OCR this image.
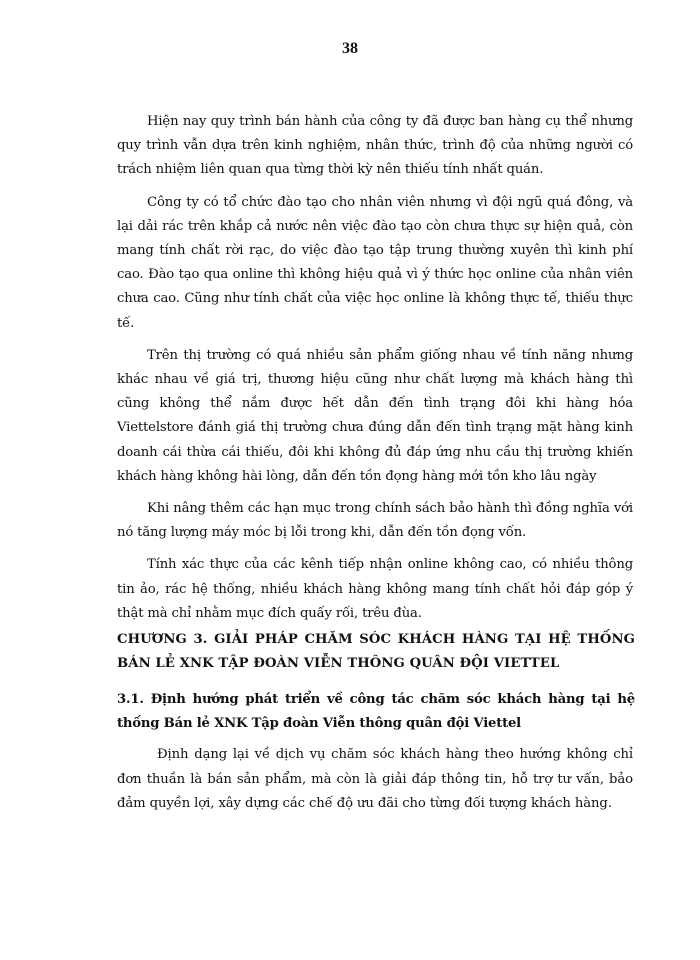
38

Hiện nay quy trình bán hành của công ty đã được ban hàng cụ thể nhưng quy trình vẫn dựa trên kinh nghiệm, nhân thức, trình độ của những người có trách nhiệm liên quan qua từng thời kỳ nên thiếu tính nhất quán.

Công ty có tổ chức đào tạo cho nhân viên nhưng vì đội ngũ quá đông, và lại dải rác trên khắp cả nước nên việc đào tạo còn chưa thực sự hiện quả, còn mang tính chất rời rạc, do việc đào tạo tập trung thường xuyên thì kinh phí cao. Đào tạo qua online thì không hiệu quả vì ý thức học online của nhân viên chưa cao. Cũng như tính chất của việc học online là không thực tế, thiếu thực tế.

Trên thị trường có quá nhiều sản phẩm giống nhau về tính năng nhưng khác nhau về giá trị, thương hiệu cũng như chất lượng mà khách hàng thì cũng không thể nắm được hết dẫn đến tình trạng đôi khi hàng hóa Viettelstore đánh giá thị trường chưa đúng dẫn đến tình trạng mặt hàng kinh doanh cái thừa cái thiếu, đôi khi không đủ đáp ứng nhu cầu thị trường khiến khách hàng không hài lòng, dẫn đến tồn đọng hàng mới tồn kho lâu ngày

Khi nâng thêm các hạn mục trong chính sách bảo hành thì đồng nghĩa với nó tăng lượng máy móc bị lỗi trong khi, dẫn đến tồn đọng vốn.

Tính xác thực của các kênh tiếp nhận online không cao, có nhiều thông tin ảo, rác hệ thống, nhiều khách hàng không mang tính chất hỏi đáp góp ý thật mà chỉ nhằm mục đích quấy rối, trêu đùa.

CHƯƠNG 3. GIẢI PHÁP CHĂM SÓC KHÁCH HÀNG TẠI HỆ THỐNG BÁN LẺ XNK TẬP ĐOÀN VIỄN THÔNG QUÂN ĐỘI VIETTEL
3.1. Định hướng phát triển về công tác chăm sóc khách hàng tại hệ thống Bán lẻ XNK Tập đoàn Viễn thông quân đội Viettel
Định dạng lại về dịch vụ chăm sóc khách hàng theo hướng không chỉ đơn thuần là bán sản phẩm, mà còn là giải đáp thông tin, hỗ trợ tư vấn, bảo đảm quyền lợi, xây dựng các chế độ ưu đãi cho từng đối tượng khách hàng.
